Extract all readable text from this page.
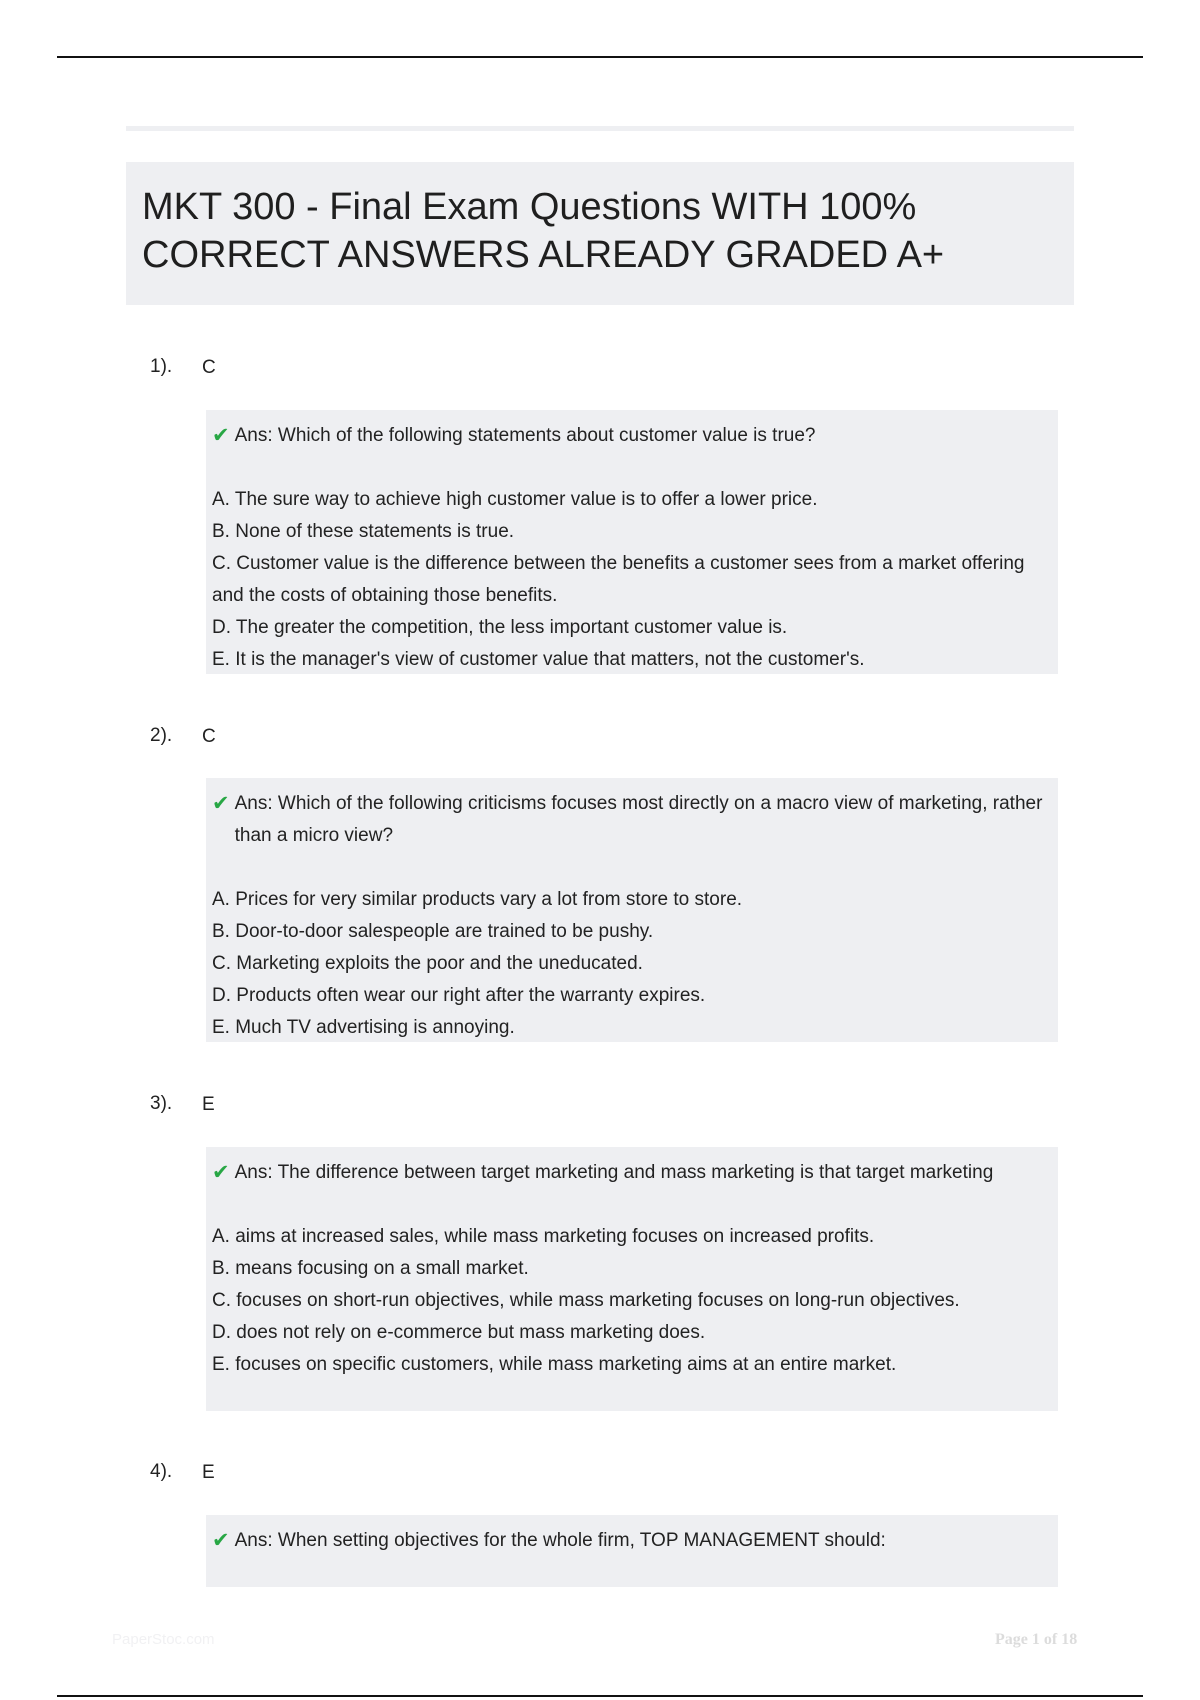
MKT 300 - Final Exam Questions WITH 100% CORRECT ANSWERS ALREADY GRADED A+
1). C
✔ Ans: Which of the following statements about customer value is true?
A. The sure way to achieve high customer value is to offer a lower price.
B. None of these statements is true.
C. Customer value is the difference between the benefits a customer sees from a market offering and the costs of obtaining those benefits.
D. The greater the competition, the less important customer value is.
E. It is the manager's view of customer value that matters, not the customer's.
2). C
✔ Ans: Which of the following criticisms focuses most directly on a macro view of marketing, rather than a micro view?
A. Prices for very similar products vary a lot from store to store.
B. Door-to-door salespeople are trained to be pushy.
C. Marketing exploits the poor and the uneducated.
D. Products often wear our right after the warranty expires.
E. Much TV advertising is annoying.
3). E
✔ Ans: The difference between target marketing and mass marketing is that target marketing
A. aims at increased sales, while mass marketing focuses on increased profits.
B. means focusing on a small market.
C. focuses on short-run objectives, while mass marketing focuses on long-run objectives.
D. does not rely on e-commerce but mass marketing does.
E. focuses on specific customers, while mass marketing aims at an entire market.
4). E
✔ Ans: When setting objectives for the whole firm, TOP MANAGEMENT should:
PaperStoc.com	Page 1 of 18
